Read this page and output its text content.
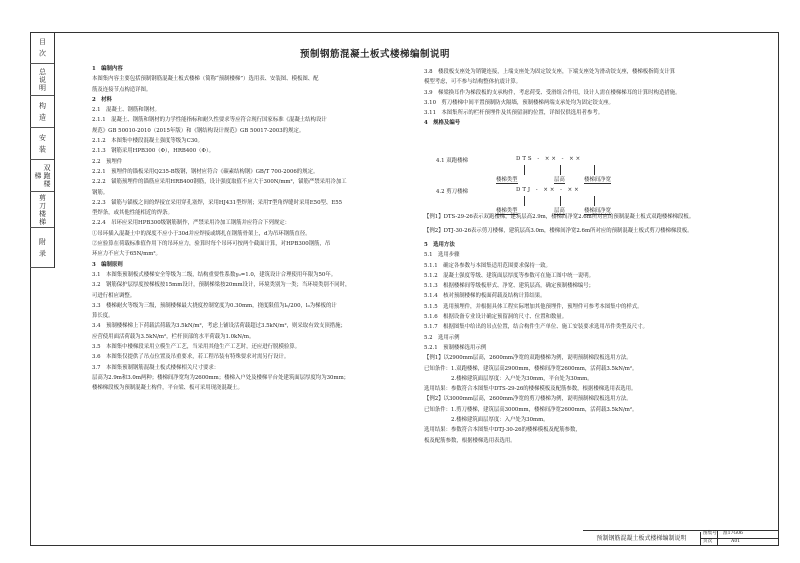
目 次
总说明
构 造
安 装
双跑楼梯
剪刀楼梯
附 录
预制钢筋混凝土板式楼梯编制说明

1　编制内容

本图集内容主要包括预制钢筋混凝土板式楼梯（简称“预制楼梯”）选用表、安装图、模板图、配

筋及连接节点构造详图。

2　材料

2.1　混凝土、钢筋和钢材。

2.1.1　混凝土、钢筋和钢材的力学性能指标和耐久性要求等应符合现行国家标准《混凝土结构设计

规范》GB 50010-2010（2015年版）和《钢结构设计规范》GB 50017-2003的规定。

2.1.2　本图集中楼段混凝土强度等级为C30。

2.1.3　钢筋采用HPB300（Φ），HRB400（Φ）。

2.2　预埋件

2.2.1　预埋件的锚板采用Q235-B级钢，钢材应符合《碳素结构钢》GB/T 700-2006的规定。

2.2.2　锚筋预埋件的锚筋应采用HRB400钢筋，设计强度取值不应大于300N/mm²，锚筋严禁采用冷加工

钢筋。

2.2.3　锚筋与锚板之间的焊接宜采用穿孔塞焊，采用HJ431型焊剂；采用T型角焊缝时采用E50型、E55

型焊条，或其他性能相近的焊条。

2.2.4　吊环应采用HPB300级钢筋制作，严禁采用冷加工钢筋并应符合下列规定：

①吊环插入混凝土中的深度不应小于30d并应焊接或绑扎在钢筋骨架上，d为吊环钢筋直径。

②应验算在荷载标准值作用下的吊环应力，验算时每个吊环可按两个截面计算，对HPB300钢筋，吊

环应力不应大于65N/mm²。

3　编制原则

3.1　本图集预制板式楼梯安全等级为二级，结构重要性系数γ₀=1.0，建筑设计合理使用年限为50年。

3.2　钢筋保护层厚度按梯板按15mm设计，预制梯梁按20mm设计，环境类别为一类；当环境类别不同时，

可进行相应调整。

3.3　楼梯耐火等级为三级，预制楼梯最大挠度控制宽度为0.30mm，挠度限值为l₀/200，l₀为梯板的计

算长度。

3.4　预制楼梯梯上下荷载活荷载为3.5kN/m²，考虑上铺设活荷载超过3.5kN/m²，则采取有效支顶措施；

应营使用面活荷载为3.5kN/m²，栏杆顶部的水平荷载为1.0kN/m。

3.5　本图集中楼梯段采用立模生产工艺，当采用其他生产工艺时，还应进行脱模验算。

3.6　本图集仅提供了吊点位置及吊重要求，若工程吊装有特殊要求对需另行设计。

3.7　本图集预制钢筋混凝土板式楼梯相关尺寸要求：

层高为2.9m和3.0m两种；楼梯间净宽均为2600mm；楼梯入户处及楼梯平台处建筑面层厚度均为30mm；

楼梯梯段板为预制混凝土构件，平台梁、板可采用现浇混凝土。

3.8　楼段板支座处为销键连接，上端支座处为固定铰支座，下端支座处为滑动铰支座，楼梯板指简支计算

模型考虑，可不参与结构整体抗震计算。

3.9　梯梁换耳作为梯段板的支承构件，考虑荷受、受滑组合作用，设计人需在楼梯梯耳的计算时构造措施。

3.10　剪刀楼梯中间平置预制防火隔墙，预制楼梯两端支承处均为固定铰支座。

3.11　本图集所示的栏杆预埋件及其预留洞的位置，详图仅供选用者参考。

4　规格及编号

4.1 双跑楼梯	DTS - ×× - ××
楼梯类型	层高	楼梯间净宽
4.2 剪刀楼梯	DTJ - ×× - ××
楼梯类型	层高	楼梯间净宽

【例1】DTS-29-26表示双跑楼梯，建筑层高2.9m，楼梯间净宽2.6m所对应的预制混凝土板式双跑楼梯梯段板。

【例2】DTJ-30-26表示剪刀楼梯，建筑层高3.0m，楼梯间净宽2.6m所对应的预制混凝土板式剪刀楼梯梯段板。

5　选用方法

5.1　选用步骤

5.1.1　确定各参数与本图集适用范围要求保持一致。

5.1.2　混凝土强度等级、建筑面层厚度等参数可在施工图中统一说明。

5.1.3　根据楼梯间等级板形式、净宽、建筑层高，确定预制楼梯编号；

5.1.4　核对预制楼梯的板面荷载及结构计算结果。

5.1.5　选用预埋件，并根据具体工程实际增加其他预埋件，预埋件可参考本图集中的样式。

5.1.6　根据设备专业设计确定预留洞的尺寸、位置和数量。

5.1.7　根据图集中给出的吊点位置，结合构件生产单位、施工安装要求选用吊件类型及尺寸。

5.2　选用示例

5.2.1　预制楼梯选用示例

【例1】以2900mm层高，2600mm净宽的双跑楼梯为例，说明预制梯段板选用方法。

已知条件：1.双跑楼梯，建筑层高2900mm，楼梯间净宽2600mm，活荷载3.5kN/m²。

　　　　　2.楼梯建筑面层厚度：入户处为30mm，平台处为30mm。

选用结果：参数符合本图集中DTS-29-26的楼梯模板及配筋参数，根据楼梯选用表选用。

【例2】以3000mm层高，2600mm净宽的剪刀楼梯为例，说明预制梯段板选用方法。

已知条件：1.剪刀楼梯，建筑层高3000mm，楼梯间净宽2600mm，活荷载3.5kN/m²。

　　　　　2.楼梯建筑面层厚度：入户处为30mm。

选用结果：参数符合本图集中DTJ-30-26的楼梯模板及配筋参数，

板及配筋参数，根据楼梯选用表选用。

预制钢筋混凝土板式楼梯编制说明
图集号 淮17G06
页次	A01
